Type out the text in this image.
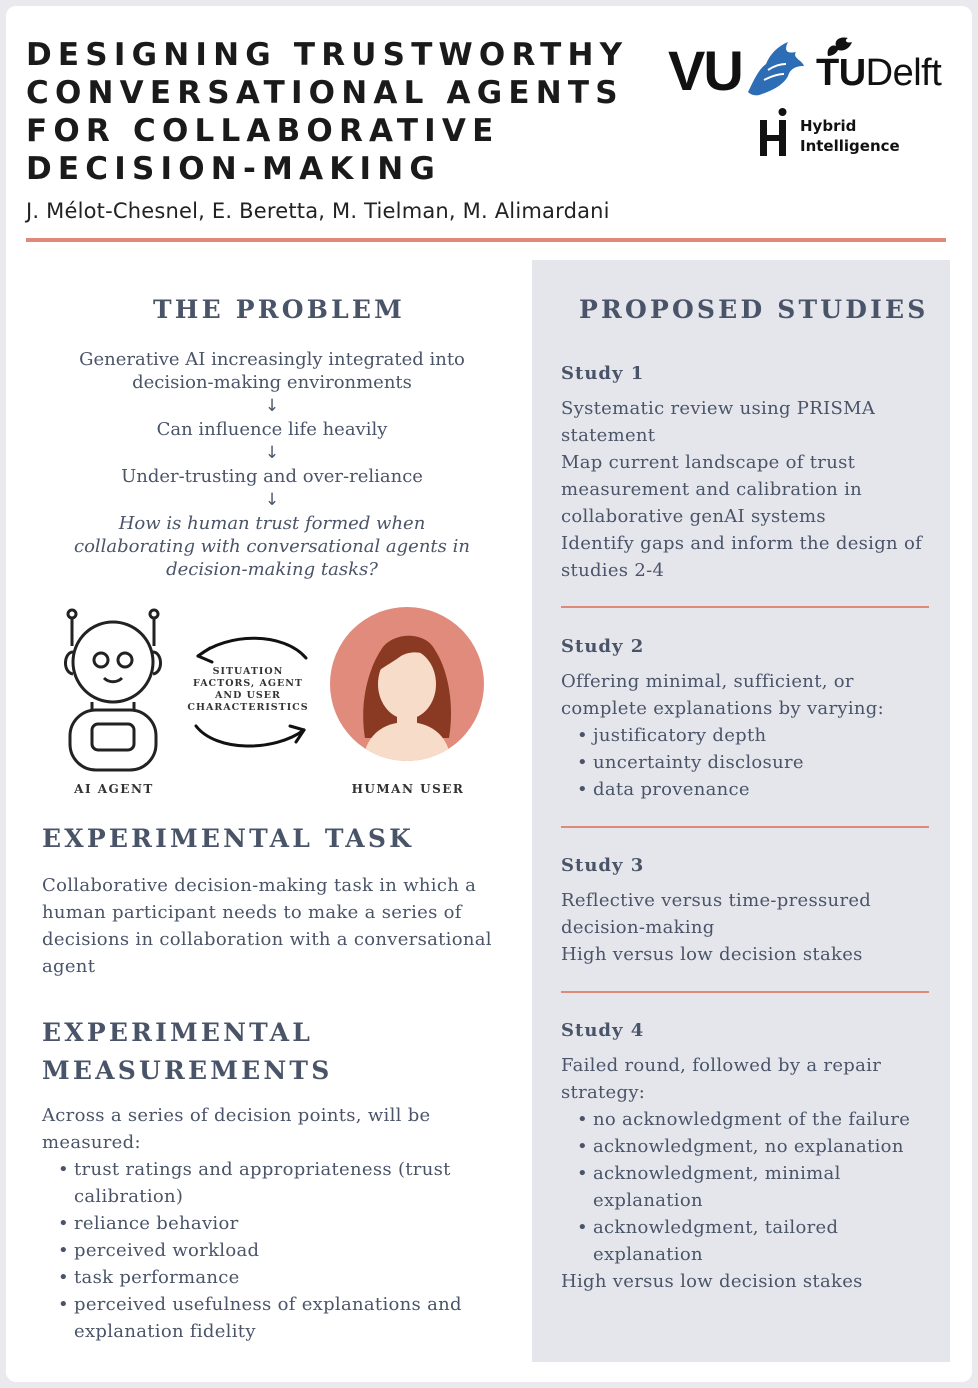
DESIGNING TRUSTWORTHY CONVERSATIONAL AGENTS FOR COLLABORATIVE DECISION-MAKING
J. Mélot-Chesnel, E. Beretta, M. Tielman, M. Alimardani
VU TUDelft
Hybrid
Intelligence
THE PROBLEM

Generative AI increasingly integrated into decision-making environments

↓

Can influence life heavily

↓

Under-trusting and over-reliance

↓

How is human trust formed when collaborating with conversational agents in decision-making tasks?

SITUATION FACTORS, AGENT AND USER CHARACTERISTICS
AI AGENT	HUMAN USER
EXPERIMENTAL TASK

Collaborative decision-making task in which a human participant needs to make a series of decisions in collaboration with a conversational agent

EXPERIMENTAL
MEASUREMENTS

Across a series of decision points, will be measured:

• trust ratings and appropriateness (trust calibration)
• reliance behavior
• perceived workload
• task performance
• perceived usefulness of explanations and explanation fidelity
PROPOSED STUDIES
Study 1

Systematic review using PRISMA statement

Map current landscape of trust measurement and calibration in collaborative genAI systems

Identify gaps and inform the design of studies 2-4

Study 2

Offering minimal, sufficient, or complete explanations by varying:

• justificatory depth
• uncertainty disclosure
• data provenance
Study 3

Reflective versus time-pressured decision-making

High versus low decision stakes

Study 4

Failed round, followed by a repair strategy:

• no acknowledgment of the failure
• acknowledgment, no explanation
• acknowledgment, minimal explanation
• acknowledgment, tailored explanation

High versus low decision stakes
